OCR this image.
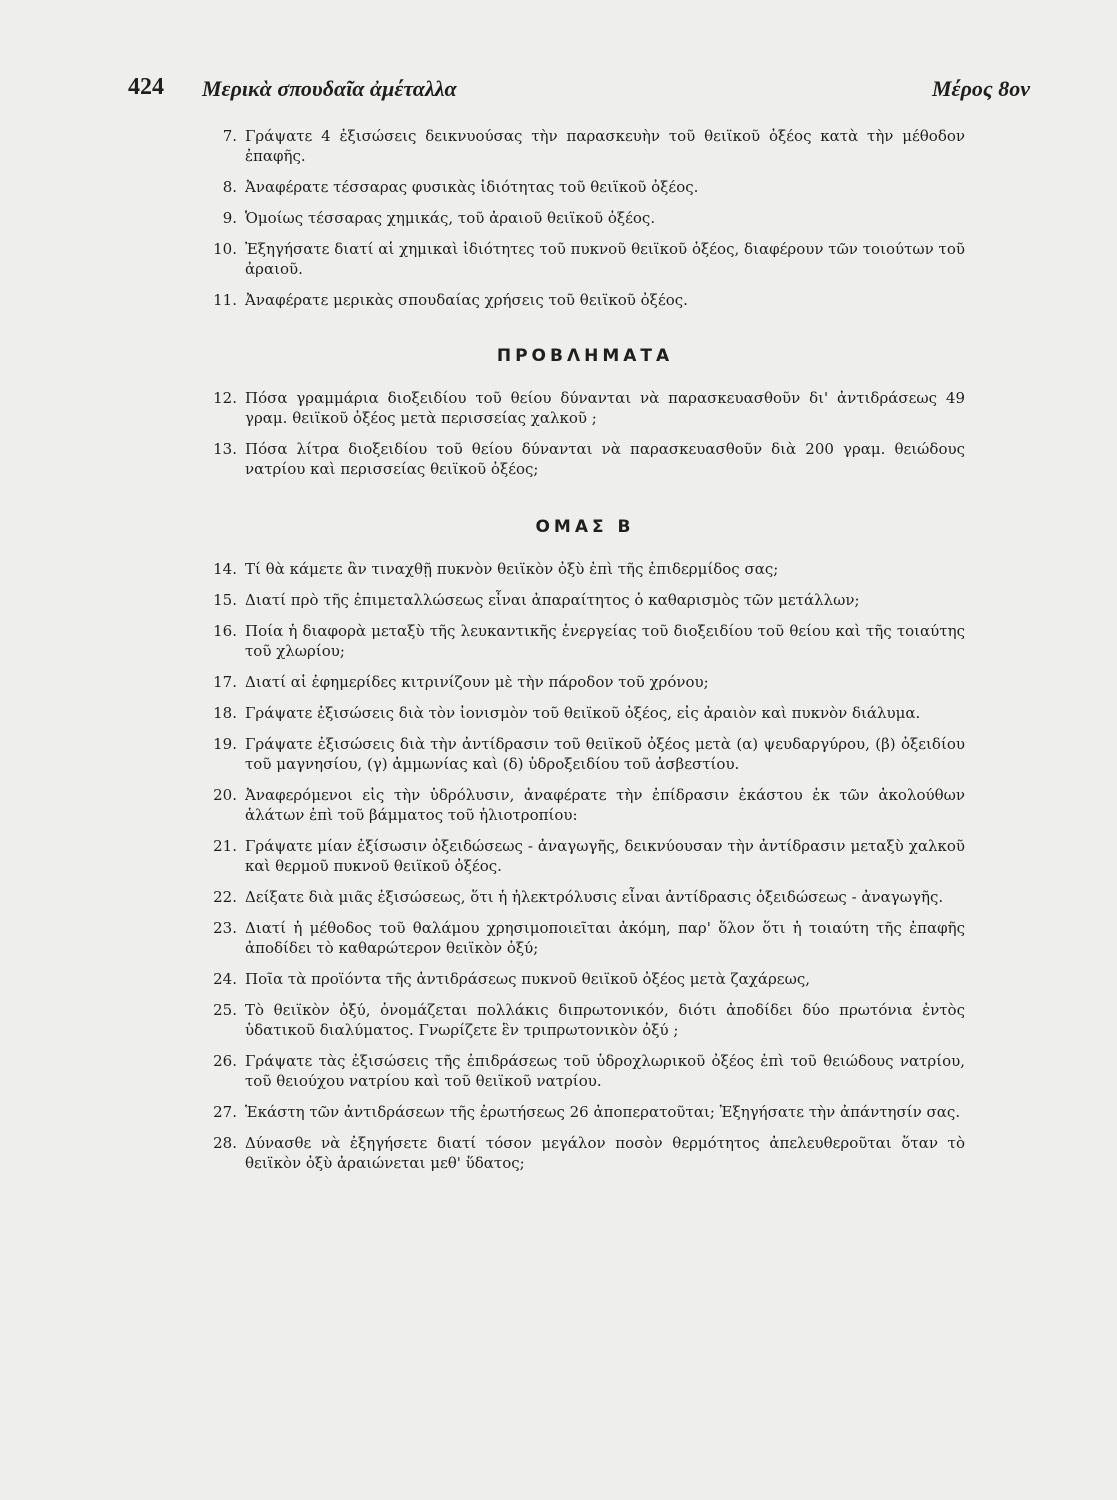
424 Μερικὰ σπουδαῖα ἀμέταλλα	Μέρος 8ον
7. Γράψατε 4 ἐξισώσεις δεικνυούσας τὴν παρασκευὴν τοῦ θειϊκοῦ ὀξέος κατὰ τὴν μέθοδον ἐπαφῆς.
8. Ἀναφέρατε τέσσαρας φυσικὰς ἰδιότητας τοῦ θειϊκοῦ ὀξέος.
9. Ὁμοίως τέσσαρας χημικάς, τοῦ ἀραιοῦ θειϊκοῦ ὀξέος.
10. Ἐξηγήσατε διατί αἱ χημικαὶ ἰδιότητες τοῦ πυκνοῦ θειϊκοῦ ὀξέος, διαφέρουν τῶν τοιούτων τοῦ ἀραιοῦ.
11. Ἀναφέρατε μερικὰς σπουδαίας χρήσεις τοῦ θειϊκοῦ ὀξέος.
ΠΡΟΒΛΗΜΑΤΑ
12. Πόσα γραμμάρια διοξειδίου τοῦ θείου δύνανται νὰ παρασκευασθοῦν δι' ἀντιδράσεως 49 γραμ. θειϊκοῦ ὀξέος μετὰ περισσείας χαλκοῦ ;
13. Πόσα λίτρα διοξειδίου τοῦ θείου δύνανται νὰ παρασκευασθοῦν διὰ 200 γραμ. θειώδους νατρίου καὶ περισσείας θειϊκοῦ ὀξέος;
ΟΜΑΣ Β
14. Τί θὰ κάμετε ἂν τιναχθῇ πυκνὸν θειϊκὸν ὀξὺ ἐπὶ τῆς ἐπιδερμίδος σας;
15. Διατί πρὸ τῆς ἐπιμεταλλώσεως εἶναι ἀπαραίτητος ὁ καθαρισμὸς τῶν μετάλλων;
16. Ποία ἡ διαφορὰ μεταξὺ τῆς λευκαντικῆς ἐνεργείας τοῦ διοξειδίου τοῦ θείου καὶ τῆς τοιαύτης τοῦ χλωρίου;
17. Διατί αἱ ἐφημερίδες κιτρινίζουν μὲ τὴν πάροδον τοῦ χρόνου;
18. Γράψατε ἐξισώσεις διὰ τὸν ἰονισμὸν τοῦ θειϊκοῦ ὀξέος, εἰς ἀραιὸν καὶ πυκνὸν διάλυμα.
19. Γράψατε ἐξισώσεις διὰ τὴν ἀντίδρασιν τοῦ θειϊκοῦ ὀξέος μετὰ (α) ψευδαργύρου, (β) ὀξειδίου τοῦ μαγνησίου, (γ) ἀμμωνίας καὶ (δ) ὑδροξειδίου τοῦ ἀσβεστίου.
20. Ἀναφερόμενοι εἰς τὴν ὑδρόλυσιν, ἀναφέρατε τὴν ἐπίδρασιν ἑκάστου ἐκ τῶν ἀκολούθων ἁλάτων ἐπὶ τοῦ βάμματος τοῦ ἡλιοτροπίου:
21. Γράψατε μίαν ἐξίσωσιν ὀξειδώσεως - ἀναγωγῆς, δεικνύουσαν τὴν ἀντίδρασιν μεταξὺ χαλκοῦ καὶ θερμοῦ πυκνοῦ θειϊκοῦ ὀξέος.
22. Δείξατε διὰ μιᾶς ἐξισώσεως, ὅτι ἡ ἠλεκτρόλυσις εἶναι ἀντίδρασις ὀξειδώσεως - ἀναγωγῆς.
23. Διατί ἡ μέθοδος τοῦ θαλάμου χρησιμοποιεῖται ἀκόμη, παρ' ὅλον ὅτι ἡ τοιαύτη τῆς ἐπαφῆς ἀποδίδει τὸ καθαρώτερον θειϊκὸν ὀξύ;
24. Ποῖα τὰ προϊόντα τῆς ἀντιδράσεως πυκνοῦ θειϊκοῦ ὀξέος μετὰ ζαχάρεως,
25. Τὸ θειϊκὸν ὀξύ, ὀνομάζεται πολλάκις διπρωτονικόν, διότι ἀποδίδει δύο πρωτόνια ἐντὸς ὑδατικοῦ διαλύματος. Γνωρίζετε ἓν τριπρωτονικὸν ὀξύ ;
26. Γράψατε τὰς ἐξισώσεις τῆς ἐπιδράσεως τοῦ ὑδροχλωρικοῦ ὀξέος ἐπὶ τοῦ θειώδους νατρίου, τοῦ θειούχου νατρίου καὶ τοῦ θειϊκοῦ νατρίου.
27. Ἑκάστη τῶν ἀντιδράσεων τῆς ἐρωτήσεως 26 ἀποπερατοῦται; Ἐξηγήσατε τὴν ἀπάντησίν σας.
28. Δύνασθε νὰ ἐξηγήσετε διατί τόσον μεγάλον ποσὸν θερμότητος ἀπελευθεροῦται ὅταν τὸ θειϊκὸν ὀξὺ ἀραιώνεται μεθ' ὕδατος;
